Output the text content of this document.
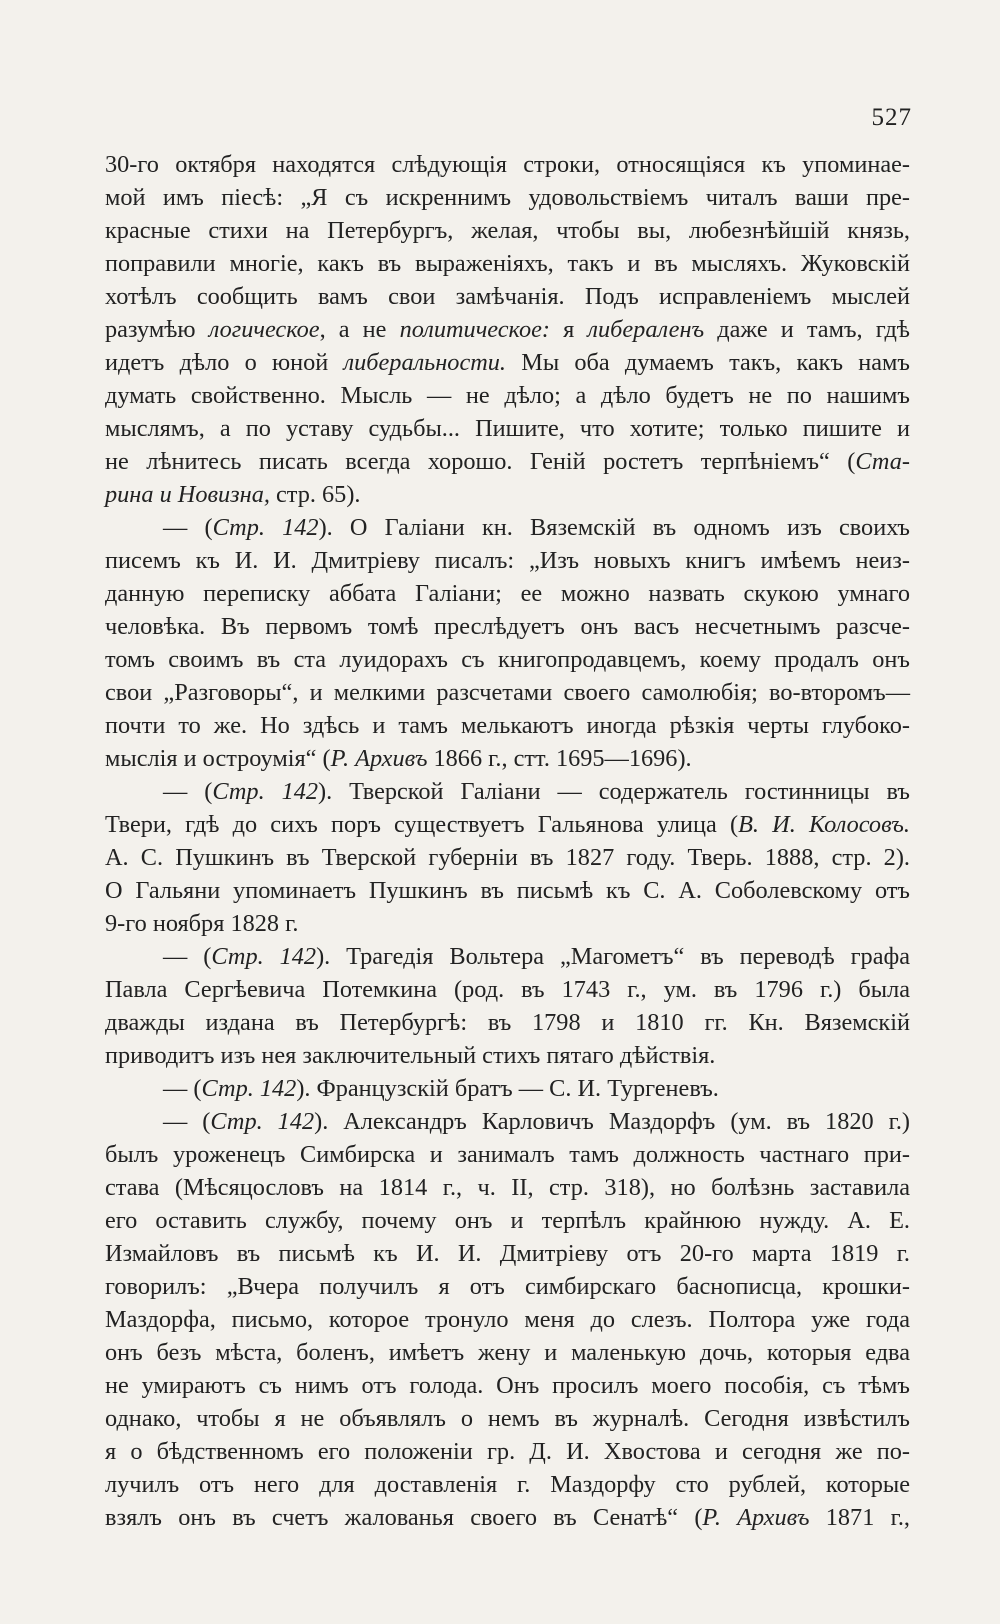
527
30-го октября находятся слѣдующія строки, относящіяся къ упоминае-
мой имъ пiесѣ: „Я съ искреннимъ удовольствiемъ читалъ ваши пре-
красные стихи на Петербургъ, желая, чтобы вы, любезнѣйшiй князь,
поправили многiе, какъ въ выраженiяхъ, такъ и въ мысляхъ. Жуковскiй
хотѣлъ сообщить вамъ свои замѣчанiя. Подъ исправленiемъ мыслей
разумѣю логическое, а не политическое: я либераленъ даже и тамъ, гдѣ
идетъ дѣло о юной либеральности. Мы оба думаемъ такъ, какъ намъ
думать свойственно. Мысль — не дѣло; а дѣло будетъ не по нашимъ
мыслямъ, а по уставу судьбы... Пишите, что хотите; только пишите и
не лѣнитесь писать всегда хорошо. Генiй ростетъ терпѣнiемъ“ (Ста-
рина и Новизна, стр. 65).
— (Стр. 142). О Галiани кн. Вяземскiй въ одномъ изъ своихъ
писемъ къ И. И. Дмитрiеву писалъ: „Изъ новыхъ книгъ имѣемъ неиз-
данную переписку аббата Галiани; ее можно назвать скукою умнаго
человѣка. Въ первомъ томѣ преслѣдуетъ онъ васъ несчетнымъ разсче-
томъ своимъ въ ста луидорахъ съ книгопродавцемъ, коему продалъ онъ
свои „Разговоры“, и мелкими разсчетами своего самолюбiя; во-второмъ—
почти то же. Но здѣсь и тамъ мелькаютъ иногда рѣзкiя черты глубоко-
мыслiя и остроумiя“ (Р. Архивъ 1866 г., стт. 1695—1696).
— (Стр. 142). Тверской Галiани — содержатель гостинницы въ
Твери, гдѣ до сихъ поръ существуетъ Гальянова улица (В. И. Колосовъ.
А. С. Пушкинъ въ Тверской губернiи въ 1827 году. Тверь. 1888, стр. 2).
О Гальяни упоминаетъ Пушкинъ въ письмѣ къ С. А. Соболевскому отъ
9-го ноября 1828 г.
— (Стр. 142). Трагедiя Вольтера „Магометъ“ въ переводѣ графа
Павла Сергѣевича Потемкина (род. въ 1743 г., ум. въ 1796 г.) была
дважды издана въ Петербургѣ: въ 1798 и 1810 гг. Кн. Вяземскiй
приводитъ изъ нея заключительный стихъ пятаго дѣйствiя.
— (Стр. 142). Французскiй братъ — С. И. Тургеневъ.
— (Стр. 142). Александръ Карловичъ Маздорфъ (ум. въ 1820 г.)
былъ уроженецъ Симбирска и занималъ тамъ должность частнаго при-
става (Мѣсяцословъ на 1814 г., ч. II, стр. 318), но болѣзнь заставила
его оставить службу, почему онъ и терпѣлъ крайнюю нужду. А. Е.
Измайловъ въ письмѣ къ И. И. Дмитрiеву отъ 20-го марта 1819 г.
говорилъ: „Вчера получилъ я отъ симбирскаго баснописца, крошки-
Маздорфа, письмо, которое тронуло меня до слезъ. Полтора уже года
онъ безъ мѣста, боленъ, имѣетъ жену и маленькую дочь, которыя едва
не умираютъ съ нимъ отъ голода. Онъ просилъ моего пособiя, съ тѣмъ
однако, чтобы я не объявлялъ о немъ въ журналѣ. Сегодня извѣстилъ
я о бѣдственномъ его положенiи гр. Д. И. Хвостова и сегодня же по-
лучилъ отъ него для доставленiя г. Маздорфу сто рублей, которые
взялъ онъ въ счетъ жалованья своего въ Сенатѣ“ (Р. Архивъ 1871 г.,
